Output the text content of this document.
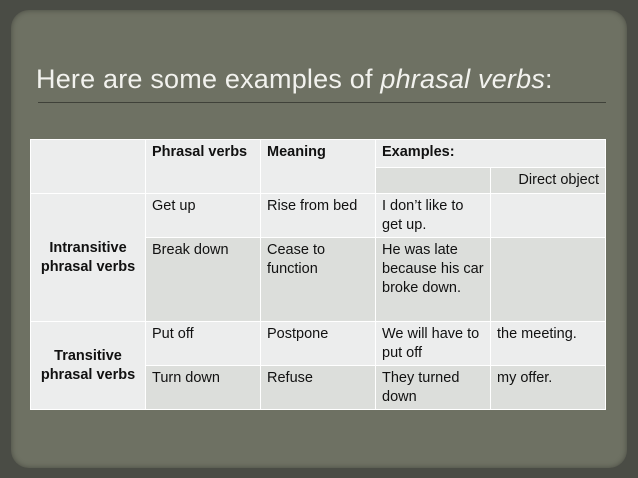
Here are some examples of phrasal verbs:
	Phrasal verbs	Meaning	Examples:	
				Direct object
Intransitive phrasal verbs	Get up	Rise from bed	I don’t like to get up.	
	Break down	Cease to function	He was late because his car broke down.	
Transitive phrasal verbs	Put off	Postpone	We will have to put off	the meeting.
	Turn down	Refuse	They turned down	my offer.
